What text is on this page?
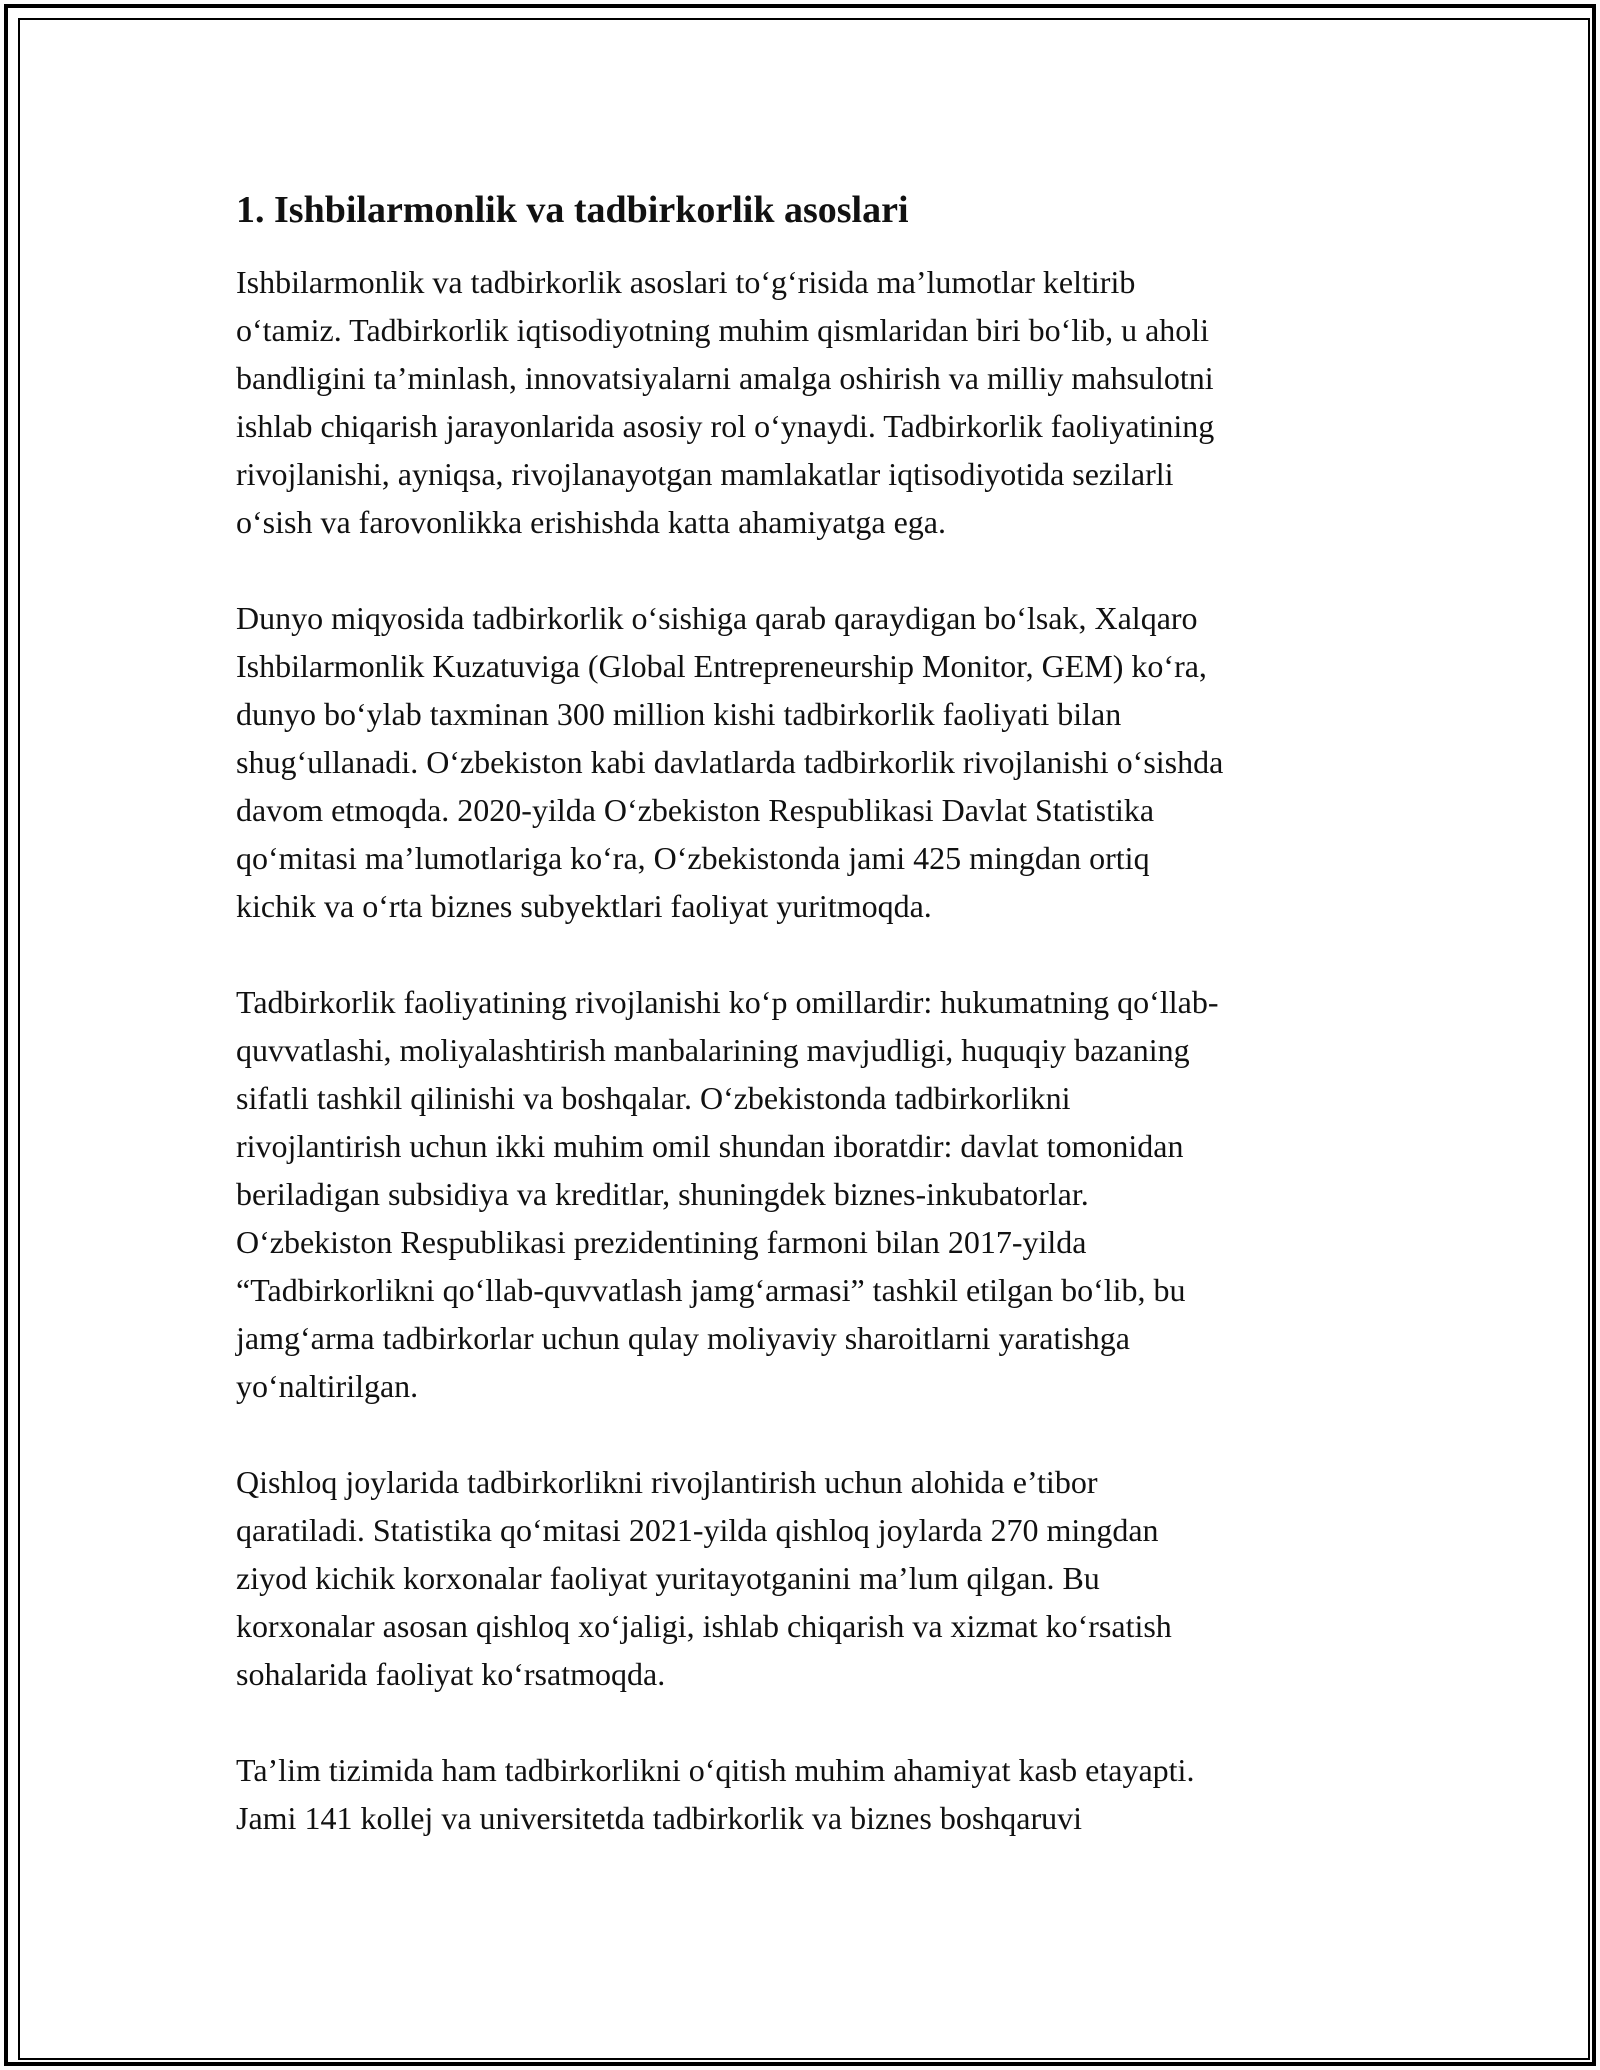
1. Ishbilarmonlik va tadbirkorlik asoslari

Ishbilarmonlik va tadbirkorlik asoslari to‘g‘risida ma’lumotlar keltirib
o‘tamiz. Tadbirkorlik iqtisodiyotning muhim qismlaridan biri bo‘lib, u aholi
bandligini ta’minlash, innovatsiyalarni amalga oshirish va milliy mahsulotni
ishlab chiqarish jarayonlarida asosiy rol o‘ynaydi. Tadbirkorlik faoliyatining
rivojlanishi, ayniqsa, rivojlanayotgan mamlakatlar iqtisodiyotida sezilarli
o‘sish va farovonlikka erishishda katta ahamiyatga ega.

Dunyo miqyosida tadbirkorlik o‘sishiga qarab qaraydigan bo‘lsak, Xalqaro
Ishbilarmonlik Kuzatuviga (Global Entrepreneurship Monitor, GEM) ko‘ra,
dunyo bo‘ylab taxminan 300 million kishi tadbirkorlik faoliyati bilan
shug‘ullanadi. O‘zbekiston kabi davlatlarda tadbirkorlik rivojlanishi o‘sishda
davom etmoqda. 2020-yilda O‘zbekiston Respublikasi Davlat Statistika
qo‘mitasi ma’lumotlariga ko‘ra, O‘zbekistonda jami 425 mingdan ortiq
kichik va o‘rta biznes subyektlari faoliyat yuritmoqda.

Tadbirkorlik faoliyatining rivojlanishi ko‘p omillardir: hukumatning qo‘llab-
quvvatlashi, moliyalashtirish manbalarining mavjudligi, huquqiy bazaning
sifatli tashkil qilinishi va boshqalar. O‘zbekistonda tadbirkorlikni
rivojlantirish uchun ikki muhim omil shundan iboratdir: davlat tomonidan
beriladigan subsidiya va kreditlar, shuningdek biznes-inkubatorlar.
O‘zbekiston Respublikasi prezidentining farmoni bilan 2017-yilda
“Tadbirkorlikni qo‘llab-quvvatlash jamg‘armasi” tashkil etilgan bo‘lib, bu
jamg‘arma tadbirkorlar uchun qulay moliyaviy sharoitlarni yaratishga
yo‘naltirilgan.

Qishloq joylarida tadbirkorlikni rivojlantirish uchun alohida e’tibor
qaratiladi. Statistika qo‘mitasi 2021-yilda qishloq joylarda 270 mingdan
ziyod kichik korxonalar faoliyat yuritayotganini ma’lum qilgan. Bu
korxonalar asosan qishloq xo‘jaligi, ishlab chiqarish va xizmat ko‘rsatish
sohalarida faoliyat ko‘rsatmoqda.

Ta’lim tizimida ham tadbirkorlikni o‘qitish muhim ahamiyat kasb etayapti.
Jami 141 kollej va universitetda tadbirkorlik va biznes boshqaruvi
